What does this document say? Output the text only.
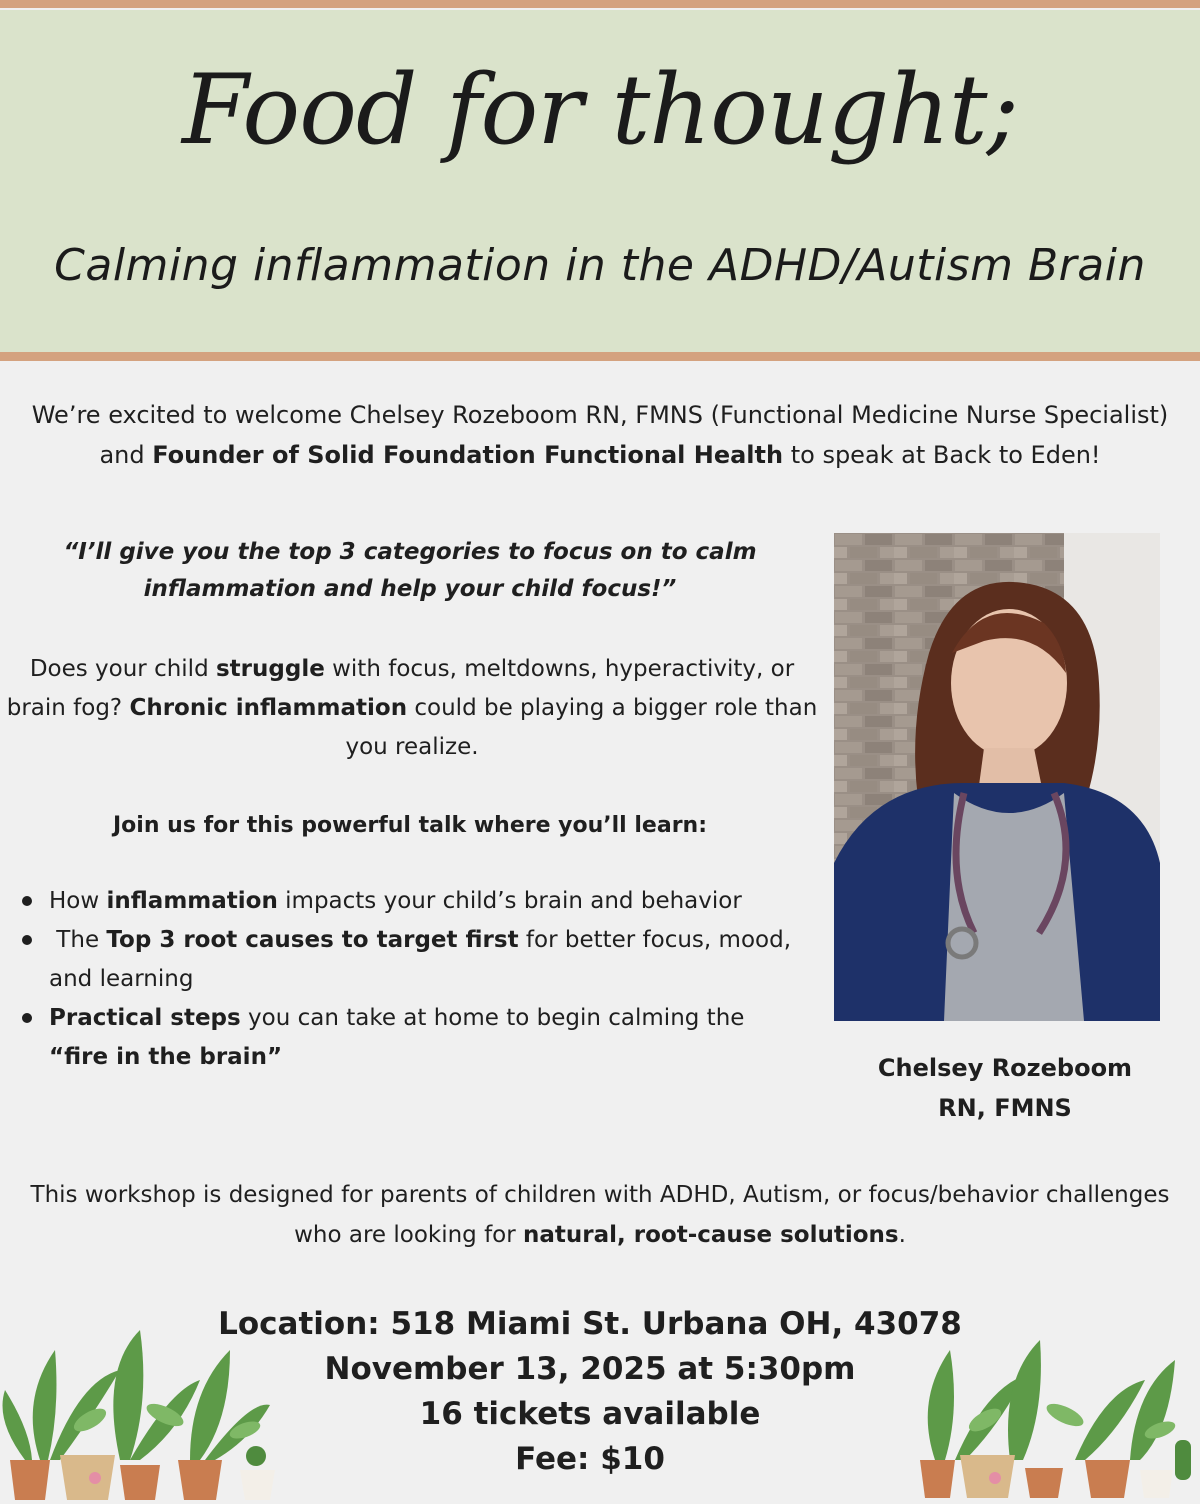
Food for thought;
Calming inflammation in the ADHD/Autism Brain
We’re excited to welcome Chelsey Rozeboom RN, FMNS (Functional Medicine Nurse Specialist) and Founder of Solid Foundation Functional Health to speak at Back to Eden!
“I’ll give you the top 3 categories to focus on to calm inflammation and help your child focus!”
Does your child struggle with focus, meltdowns, hyperactivity, or brain fog? Chronic inflammation could be playing a bigger role than you realize.
Join us for this powerful talk where you’ll learn:
How inflammation impacts your child’s brain and behavior
The Top 3 root causes to target first for better focus, mood, and learning
Practical steps you can take at home to begin calming the “fire in the brain”	Chelsey Rozeboom
RN, FMNS
This workshop is designed for parents of children with ADHD, Autism, or focus/behavior challenges who are looking for natural, root-cause solutions.
Location: 518 Miami St. Urbana OH, 43078
November 13, 2025 at 5:30pm
16 tickets available
Fee: $10
